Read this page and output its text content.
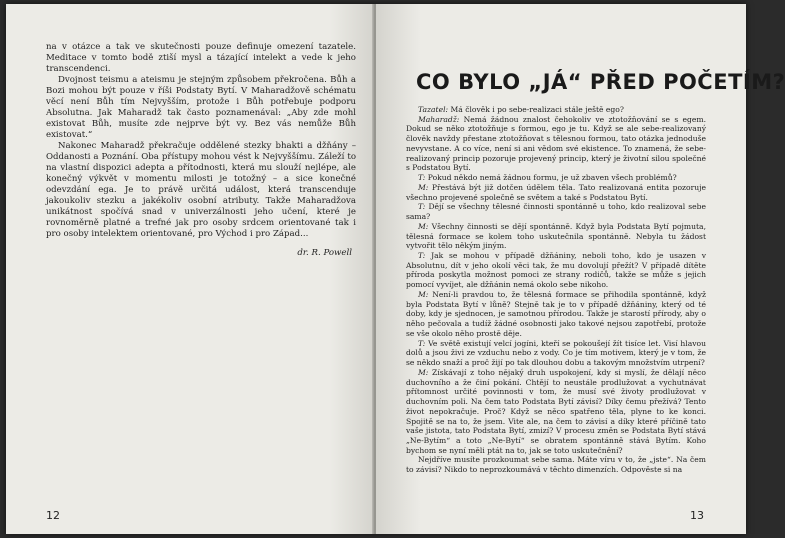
na v otázce a tak ve skutečnosti pouze definuje omezení tazatele. Meditace v tomto bodě ztiší mysl a tázající intelekt a vede k jeho transcendenci.

Dvojnost teismu a ateismu je stejným způsobem překročena. Bůh a Bozi mohou být pouze v říši Podstaty Bytí. V Maharadžově schématu věcí není Bůh tím Nejvyšším, protože i Bůh potřebuje podporu Absolutna. Jak Maharadž tak často poznamenával: „Aby zde mohl existovat Bůh, musíte zde nejprve být vy. Bez vás nemůže Bůh existovat.“

Nakonec Maharadž překračuje oddělené stezky bhakti a džňány – Oddanosti a Poznání. Oba přístupy mohou vést k Nejvyššímu. Záleží to na vlastní dispozici adepta a přítodnosti, která mu slouží nejlépe, ale konečný výkvět v momentu milosti je totožný – a sice konečné odevzdání ega. Je to právě určitá událost, která transcenduje jakoukoliv stezku a jakékoliv osobní atributy. Takže Maharadžova unikátnost spočívá snad v univerzálnosti jeho učení, které je rovnoměrně platné a trefné jak pro osoby srdcem orientované tak i pro osoby intelektem orientované, pro Východ i pro Západ...

dr. R. Powell

12
CO BYLO „JÁ“ PŘED POČETÍM?

Tazatel: Má člověk i po sebe-realizaci stále ještě ego?

Maharadž: Nemá žádnou znalost čehokoliv ve ztotožňování se s egem. Dokud se něko ztotožňuje s formou, ego je tu. Když se ale sebe-realizovaný člověk navždy přestane ztotožňovat s tělesnou formou, tato otázka jednoduše nevyvstane. A co více, není si ani vědom své ekistence. To znamená, že sebe-realizovaný princip pozoruje projevený princip, který je životní silou společné s Podstatou Bytí.

T: Pokud někdo nemá žádnou formu, je už zbaven všech problémů?

M: Přestává být již dotčen údělem těla. Tato realizovaná entita pozoruje všechno projevené společně se světem a také s Podstatou Bytí.

T: Dějí se všechny tělesné činnosti spontánně u toho, kdo realizoval sebe sama?

M: Všechny činnosti se dějí spontánně. Když byla Podstata Bytí pojmuta, tělesná formace se kolem toho uskutečnila spontánně. Nebyla tu žádost vytvořit tělo někým jiným.

T: Jak se mohou v případě džňániny, neboli toho, kdo je usazen v Absolutnu, dít v jeho okolí věci tak, že mu dovolují přežít? V případě dítěte příroda poskytla možnost pomoci ze strany rodičů, takže se může s jejich pomocí vyvíjet, ale džňánin nemá okolo sebe nikoho.

M: Není-li pravdou to, že tělesná formace se přihodila spontánně, když byla Podstata Bytí v lůně? Stejně tak je to v případě džňániny, který od té doby, kdy je sjednocen, je samotnou přírodou. Takže je starostí přírody, aby o něho pečovala a tudíž žádné osobnosti jako takové nejsou zapotřebí, protože se vše okolo něho prostě děje.

T: Ve světě existují velcí jogíni, kteří se pokoušejí žít tisíce let. Visí hlavou dolů a jsou živi ze vzduchu nebo z vody. Co je tím motivem, který je v tom, že se někdo snaží a proč žijí po tak dlouhou dobu a takovým množstvím utrpení?

M: Získávají z toho nějaký druh uspokojení, kdy si myslí, že dělají něco duchovního a že činí pokání. Chtějí to neustále prodlužovat a vychutnávat přítomnost určité povinnosti v tom, že musí své životy prodlužovat v duchovním poli. Na čem tato Podstata Bytí závisí? Díky čemu přežívá? Tento život nepokračuje. Proč? Když se něco spatřeno těla, plyne to ke konci. Spojitě se na to, že jsem. Vite ale, na čem to závisí a díky které příčině tato vaše jistota, tato Podstata Bytí, zmizí? V procesu změn se Podstata Bytí stává „Ne-Bytím“ a toto „Ne-Bytí“ se obratem spontánně stává Bytím. Koho bychom se nyní měli ptát na to, jak se toto uskutečnění?

Nejdříve musíte prozkoumat sebe sama. Máte víru v to, že „jste“. Na čem to závisí? Nikdo to neprozkoumává v těchto dimenzích. Odpověste si na

13
